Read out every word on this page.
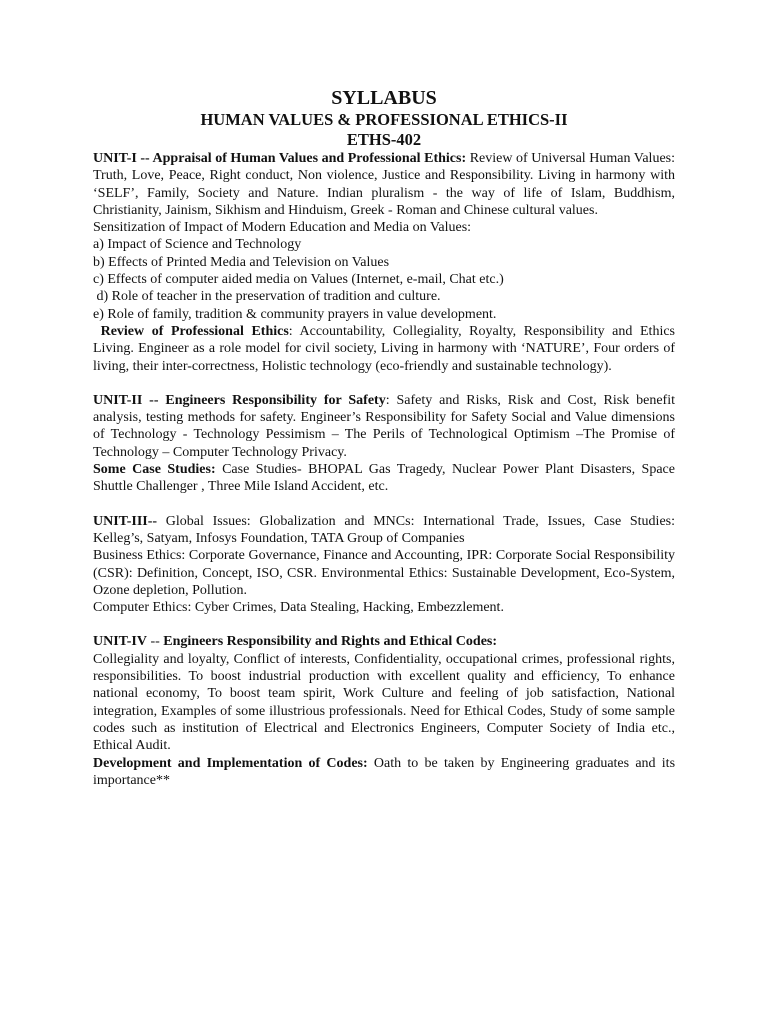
SYLLABUS

HUMAN VALUES & PROFESSIONAL ETHICS-II

ETHS-402

UNIT-I -- Appraisal of Human Values and Professional Ethics: Review of Universal Human Values: Truth, Love, Peace, Right conduct, Non violence, Justice and Responsibility. Living in harmony with ‘SELF’, Family, Society and Nature. Indian pluralism - the way of life of Islam, Buddhism, Christianity, Jainism, Sikhism and Hinduism, Greek - Roman and Chinese cultural values.

Sensitization of Impact of Modern Education and Media on Values:

a) Impact of Science and Technology

b) Effects of Printed Media and Television on Values

c) Effects of computer aided media on Values (Internet, e-mail, Chat etc.)

d) Role of teacher in the preservation of tradition and culture.

e) Role of family, tradition & community prayers in value development.

Review of Professional Ethics: Accountability, Collegiality, Royalty, Responsibility and Ethics Living. Engineer as a role model for civil society, Living in harmony with ‘NATURE’, Four orders of living, their inter-correctness, Holistic technology (eco-friendly and sustainable technology).

UNIT-II -- Engineers Responsibility for Safety: Safety and Risks, Risk and Cost, Risk benefit analysis, testing methods for safety. Engineer’s Responsibility for Safety Social and Value dimensions of Technology - Technology Pessimism – The Perils of Technological Optimism –The Promise of Technology – Computer Technology Privacy.

Some Case Studies: Case Studies- BHOPAL Gas Tragedy, Nuclear Power Plant Disasters, Space Shuttle Challenger , Three Mile Island Accident, etc.

UNIT-III-- Global Issues: Globalization and MNCs: International Trade, Issues, Case Studies: Kelleg’s, Satyam, Infosys Foundation, TATA Group of Companies

Business Ethics: Corporate Governance, Finance and Accounting, IPR: Corporate Social Responsibility (CSR): Definition, Concept, ISO, CSR. Environmental Ethics: Sustainable Development, Eco-System, Ozone depletion, Pollution.

Computer Ethics: Cyber Crimes, Data Stealing, Hacking, Embezzlement.

UNIT-IV -- Engineers Responsibility and Rights and Ethical Codes:

Collegiality and loyalty, Conflict of interests, Confidentiality, occupational crimes, professional rights, responsibilities. To boost industrial production with excellent quality and efficiency, To enhance national economy, To boost team spirit, Work Culture and feeling of job satisfaction, National integration, Examples of some illustrious professionals. Need for Ethical Codes, Study of some sample codes such as institution of Electrical and Electronics Engineers, Computer Society of India etc., Ethical Audit.

Development and Implementation of Codes: Oath to be taken by Engineering graduates and its importance**
